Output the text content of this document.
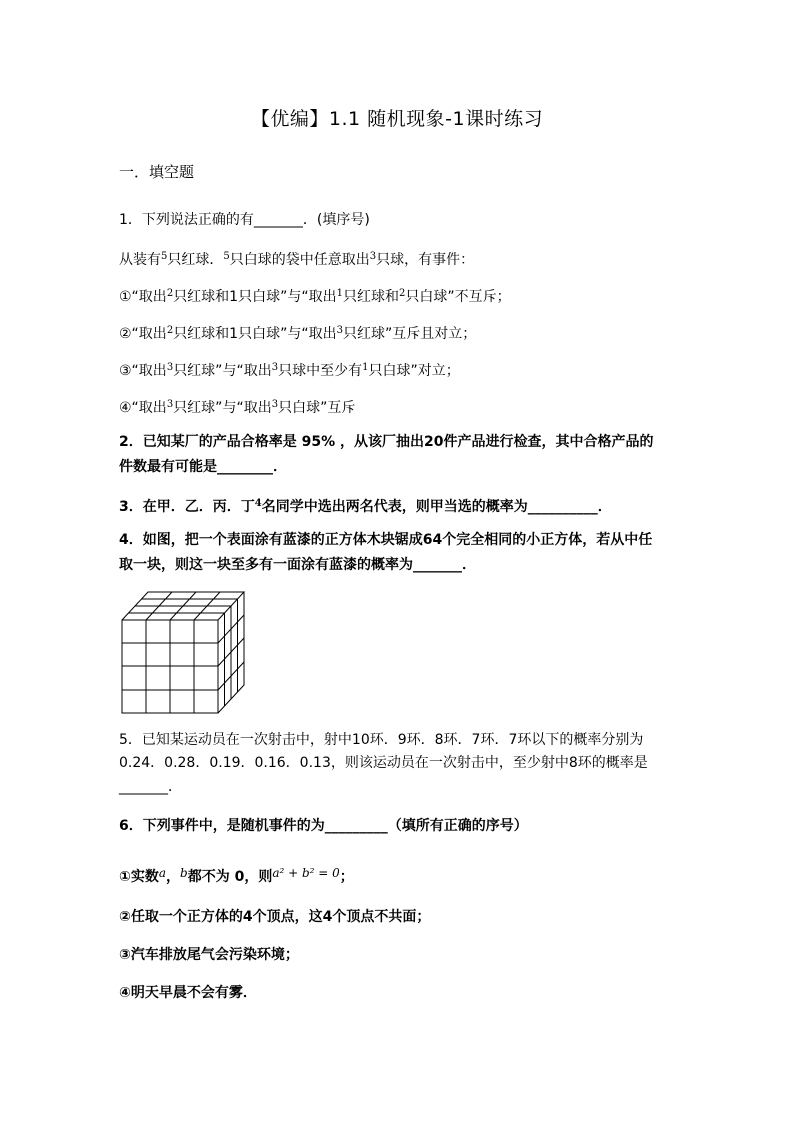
【优编】1.1 随机现象-1课时练习
一．填空题
1．下列说法正确的有_______．(填序号)
从装有$^5$只红球．$^5$只白球的袋中任意取出$^3$只球，有事件：
①“取出$^2$只红球和1只白球”与“取出$^1$只红球和$^2$只白球”不互斥；
②“取出$^2$只红球和1只白球”与“取出$^3$只红球”互斥且对立；
③“取出$^3$只红球”与“取出$^3$只球中至少有$^1$只白球”对立；
④“取出$^3$只红球”与“取出$^3$只白球”互斥
2．已知某厂的产品合格率是 95% ，从该厂抽出20件产品进行检查，其中合格产品的
件数最有可能是________．
3．在甲．乙．丙．丁$^4$名同学中选出两名代表，则甲当选的概率为__________．
4．如图，把一个表面涂有蓝漆的正方体木块锯成64个完全相同的小正方体，若从中任
取一块，则这一块至多有一面涂有蓝漆的概率为_______．
5．已知某运动员在一次射击中，射中10环．9环．8环．7环．7环以下的概率分别为
0.24．0.28．0.19．0.16．0.13，则该运动员在一次射击中，至少射中8环的概率是
_______．
6．下列事件中，是随机事件的为_________（填所有正确的序号）
①实数a，b都不为 0，则a² + b² = 0；
②任取一个正方体的4个顶点，这4个顶点不共面；
③汽车排放尾气会污染环境；
④明天早晨不会有雾．
